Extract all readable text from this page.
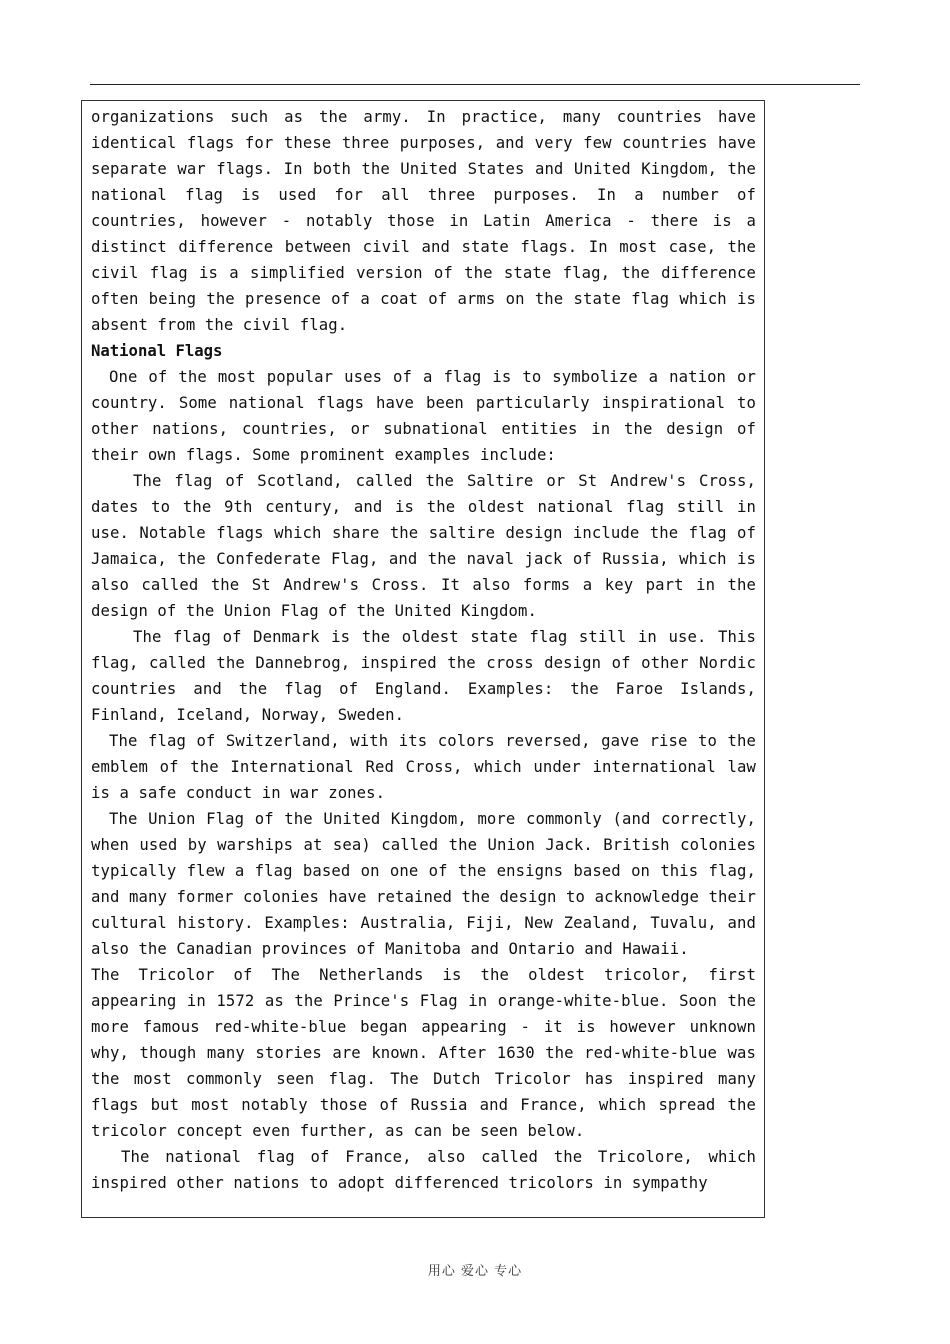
organizations such as the army. In practice, many countries have identical flags for these three purposes, and very few countries have separate war flags. In both the United States and United Kingdom, the national flag is used for all three purposes. In a number of countries, however - notably those in Latin America - there is a distinct difference between civil and state flags. In most case, the civil flag is a simplified version of the state flag, the difference often being the presence of a coat of arms on the state flag which is absent from the civil flag.

National Flags

One of the most popular uses of a flag is to symbolize a nation or country. Some national flags have been particularly inspirational to other nations, countries, or subnational entities in the design of their own flags. Some prominent examples include:

The flag of Scotland, called the Saltire or St Andrew's Cross, dates to the 9th century, and is the oldest national flag still in use. Notable flags which share the saltire design include the flag of Jamaica, the Confederate Flag, and the naval jack of Russia, which is also called the St Andrew's Cross. It also forms a key part in the design of the Union Flag of the United Kingdom.

The flag of Denmark is the oldest state flag still in use. This flag, called the Dannebrog, inspired the cross design of other Nordic countries and the flag of England. Examples: the Faroe Islands, Finland, Iceland, Norway, Sweden.

The flag of Switzerland, with its colors reversed, gave rise to the emblem of the International Red Cross, which under international law is a safe conduct in war zones.

The Union Flag of the United Kingdom, more commonly (and correctly, when used by warships at sea) called the Union Jack. British colonies typically flew a flag based on one of the ensigns based on this flag, and many former colonies have retained the design to acknowledge their cultural history. Examples: Australia, Fiji, New Zealand, Tuvalu, and also the Canadian provinces of Manitoba and Ontario and Hawaii.

The Tricolor of The Netherlands is the oldest tricolor, first appearing in 1572 as the Prince's Flag in orange-white-blue. Soon the more famous red-white-blue began appearing - it is however unknown why, though many stories are known. After 1630 the red-white-blue was the most commonly seen flag. The Dutch Tricolor has inspired many flags but most notably those of Russia and France, which spread the tricolor concept even further, as can be seen below.

The national flag of France, also called the Tricolore, which inspired other nations to adopt differenced tricolors in sympathy

用心 爱心 专心
